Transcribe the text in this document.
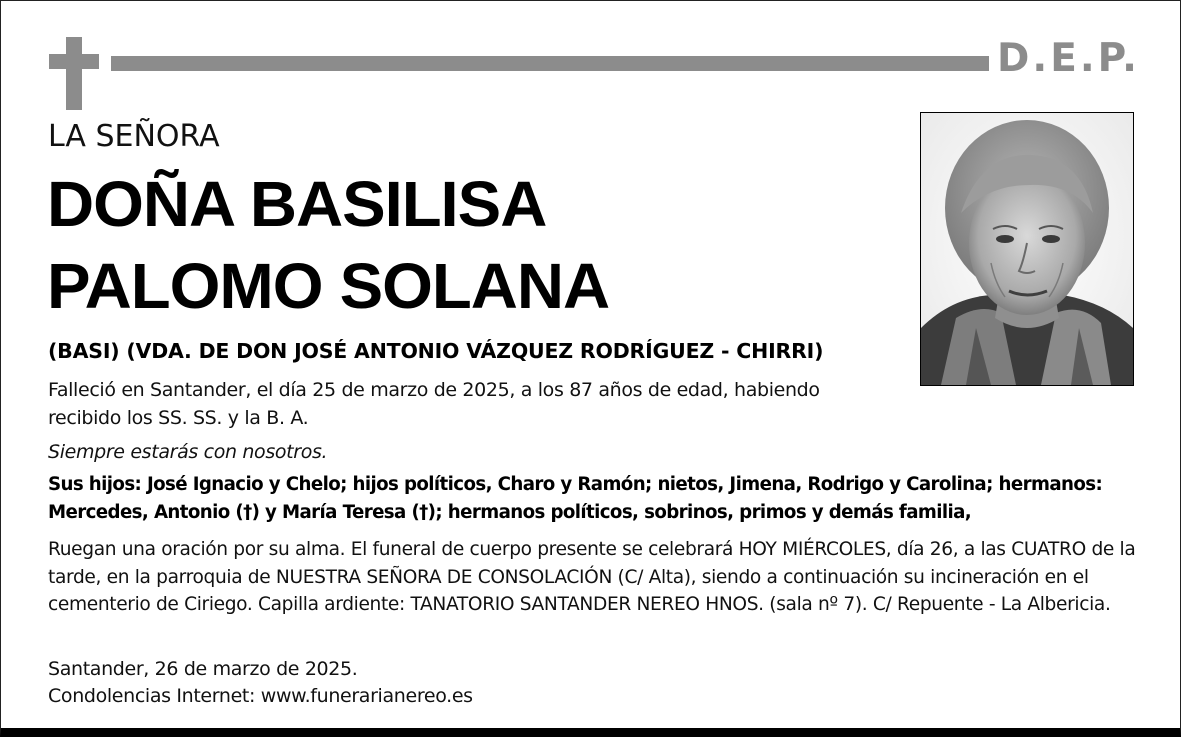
D.E.P.
LA SEÑORA
DOÑA BASILISA
PALOMO SOLANA
(BASI) (VDA. DE DON JOSÉ ANTONIO VÁZQUEZ RODRÍGUEZ - CHIRRI)
Falleció en Santander, el día 25 de marzo de 2025, a los 87 años de edad, habiendo recibido los SS. SS. y la B. A.
Siempre estarás con nosotros.
Sus hijos: José Ignacio y Chelo; hijos políticos, Charo y Ramón; nietos, Jimena, Rodrigo y Carolina; hermanos: Mercedes, Antonio (†) y María Teresa (†); hermanos políticos, sobrinos, primos y demás familia,
Ruegan una oración por su alma. El funeral de cuerpo presente se celebrará HOY MIÉRCOLES, día 26, a las CUATRO de la tarde, en la parroquia de NUESTRA SEÑORA DE CONSOLACIÓN (C/ Alta), siendo a continuación su incineración en el cementerio de Ciriego. Capilla ardiente: TANATORIO SANTANDER NEREO HNOS. (sala nº 7). C/ Repuente - La Albericia.
Santander, 26 de marzo de 2025.
Condolencias Internet: www.funerarianereo.es
